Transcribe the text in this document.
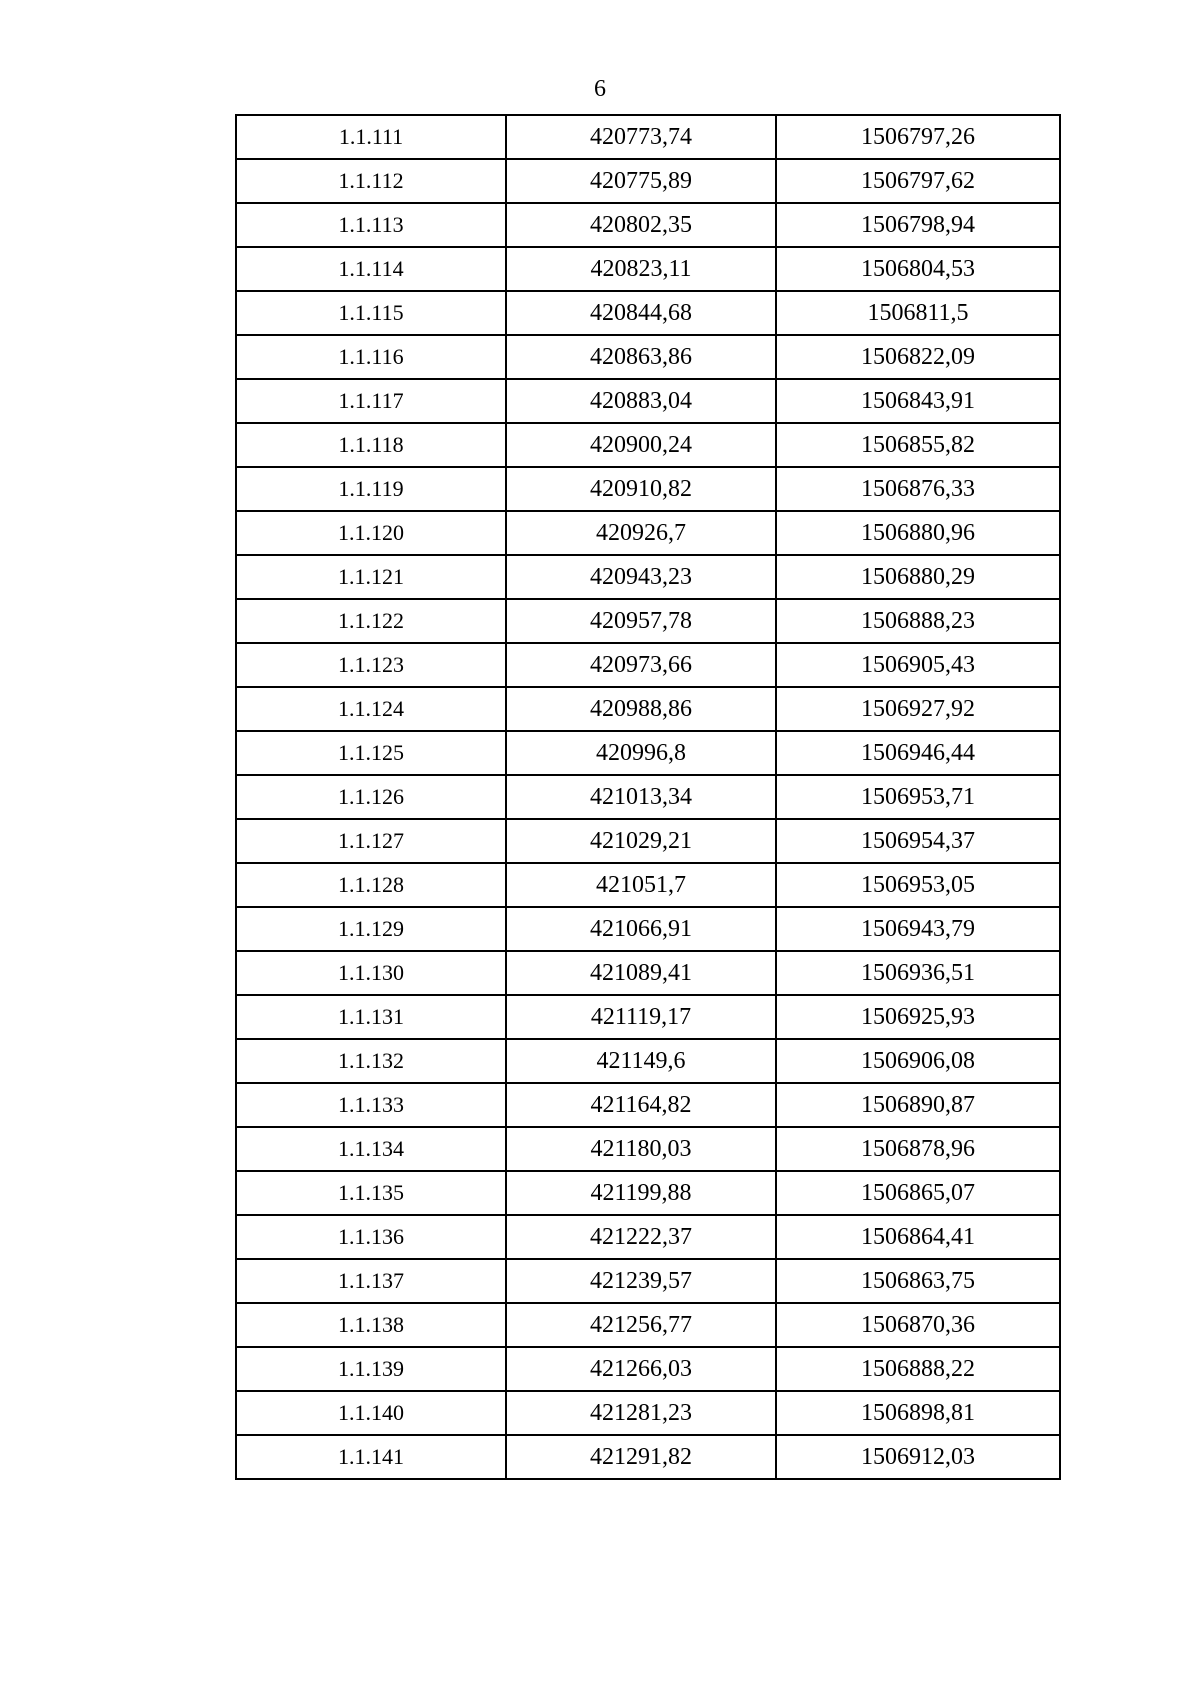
6
1.1.111	420773,74	1506797,26
1.1.112	420775,89	1506797,62
1.1.113	420802,35	1506798,94
1.1.114	420823,11	1506804,53
1.1.115	420844,68	1506811,5
1.1.116	420863,86	1506822,09
1.1.117	420883,04	1506843,91
1.1.118	420900,24	1506855,82
1.1.119	420910,82	1506876,33
1.1.120	420926,7	1506880,96
1.1.121	420943,23	1506880,29
1.1.122	420957,78	1506888,23
1.1.123	420973,66	1506905,43
1.1.124	420988,86	1506927,92
1.1.125	420996,8	1506946,44
1.1.126	421013,34	1506953,71
1.1.127	421029,21	1506954,37
1.1.128	421051,7	1506953,05
1.1.129	421066,91	1506943,79
1.1.130	421089,41	1506936,51
1.1.131	421119,17	1506925,93
1.1.132	421149,6	1506906,08
1.1.133	421164,82	1506890,87
1.1.134	421180,03	1506878,96
1.1.135	421199,88	1506865,07
1.1.136	421222,37	1506864,41
1.1.137	421239,57	1506863,75
1.1.138	421256,77	1506870,36
1.1.139	421266,03	1506888,22
1.1.140	421281,23	1506898,81
1.1.141	421291,82	1506912,03
